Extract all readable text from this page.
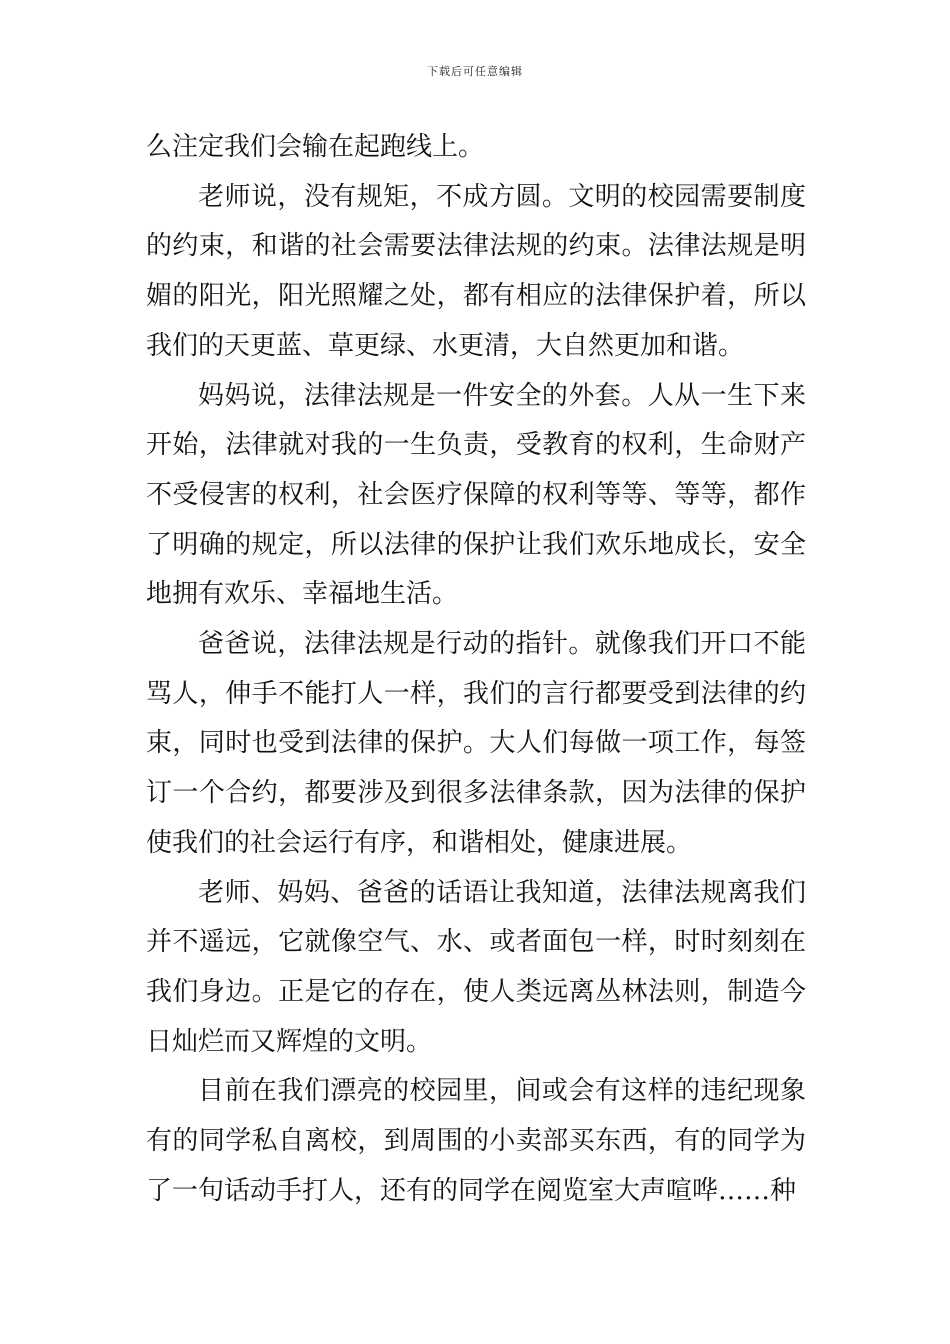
下载后可任意编辑

么注定我们会输在起跑线上。

老师说，没有规矩，不成方圆。文明的校园需要制度的约束，和谐的社会需要法律法规的约束。法律法规是明媚的阳光，阳光照耀之处，都有相应的法律保护着，所以我们的天更蓝、草更绿、水更清，大自然更加和谐。

妈妈说，法律法规是一件安全的外套。人从一生下来开始，法律就对我的一生负责，受教育的权利，生命财产不受侵害的权利，社会医疗保障的权利等等、等等，都作了明确的规定，所以法律的保护让我们欢乐地成长，安全地拥有欢乐、幸福地生活。

爸爸说，法律法规是行动的指针。就像我们开口不能骂人，伸手不能打人一样，我们的言行都要受到法律的约束，同时也受到法律的保护。大人们每做一项工作，每签订一个合约，都要涉及到很多法律条款，因为法律的保护使我们的社会运行有序，和谐相处，健康进展。

老师、妈妈、爸爸的话语让我知道，法律法规离我们并不遥远，它就像空气、水、或者面包一样，时时刻刻在我们身边。正是它的存在，使人类远离丛林法则，制造今日灿烂而又辉煌的文明。

目前在我们漂亮的校园里，间或会有这样的违纪现象有的同学私自离校，到周围的小卖部买东西，有的同学为了一句话动手打人，还有的同学在阅览室大声喧哗……种
